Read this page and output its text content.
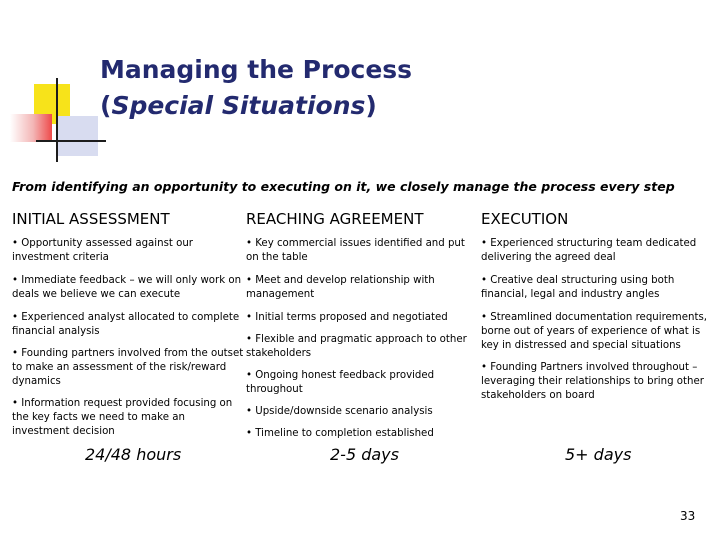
Managing the Process
(Special Situations)
From identifying an opportunity to executing on it, we closely manage the process every step
INITIAL ASSESSMENT
• Opportunity assessed against our investment criteria
• Immediate feedback – we will only work on deals we believe we can execute
• Experienced analyst allocated to complete financial analysis
• Founding partners involved from the outset to make an assessment of the risk/reward dynamics
• Information request provided focusing on the key facts we need to make an investment decision
REACHING AGREEMENT
• Key commercial issues identified and put on the table
• Meet and develop relationship with management
• Initial terms proposed and negotiated
• Flexible and pragmatic approach to other stakeholders
• Ongoing honest feedback provided throughout
• Upside/downside scenario analysis
• Timeline to completion established
EXECUTION
• Experienced structuring team dedicated delivering the agreed deal
• Creative deal structuring using both financial, legal and industry angles
• Streamlined documentation requirements, borne out of years of experience of what is key in distressed and special situations
• Founding Partners involved throughout – leveraging their relationships to bring other stakeholders on board
24/48 hours	2-5 days	5+ days
33
